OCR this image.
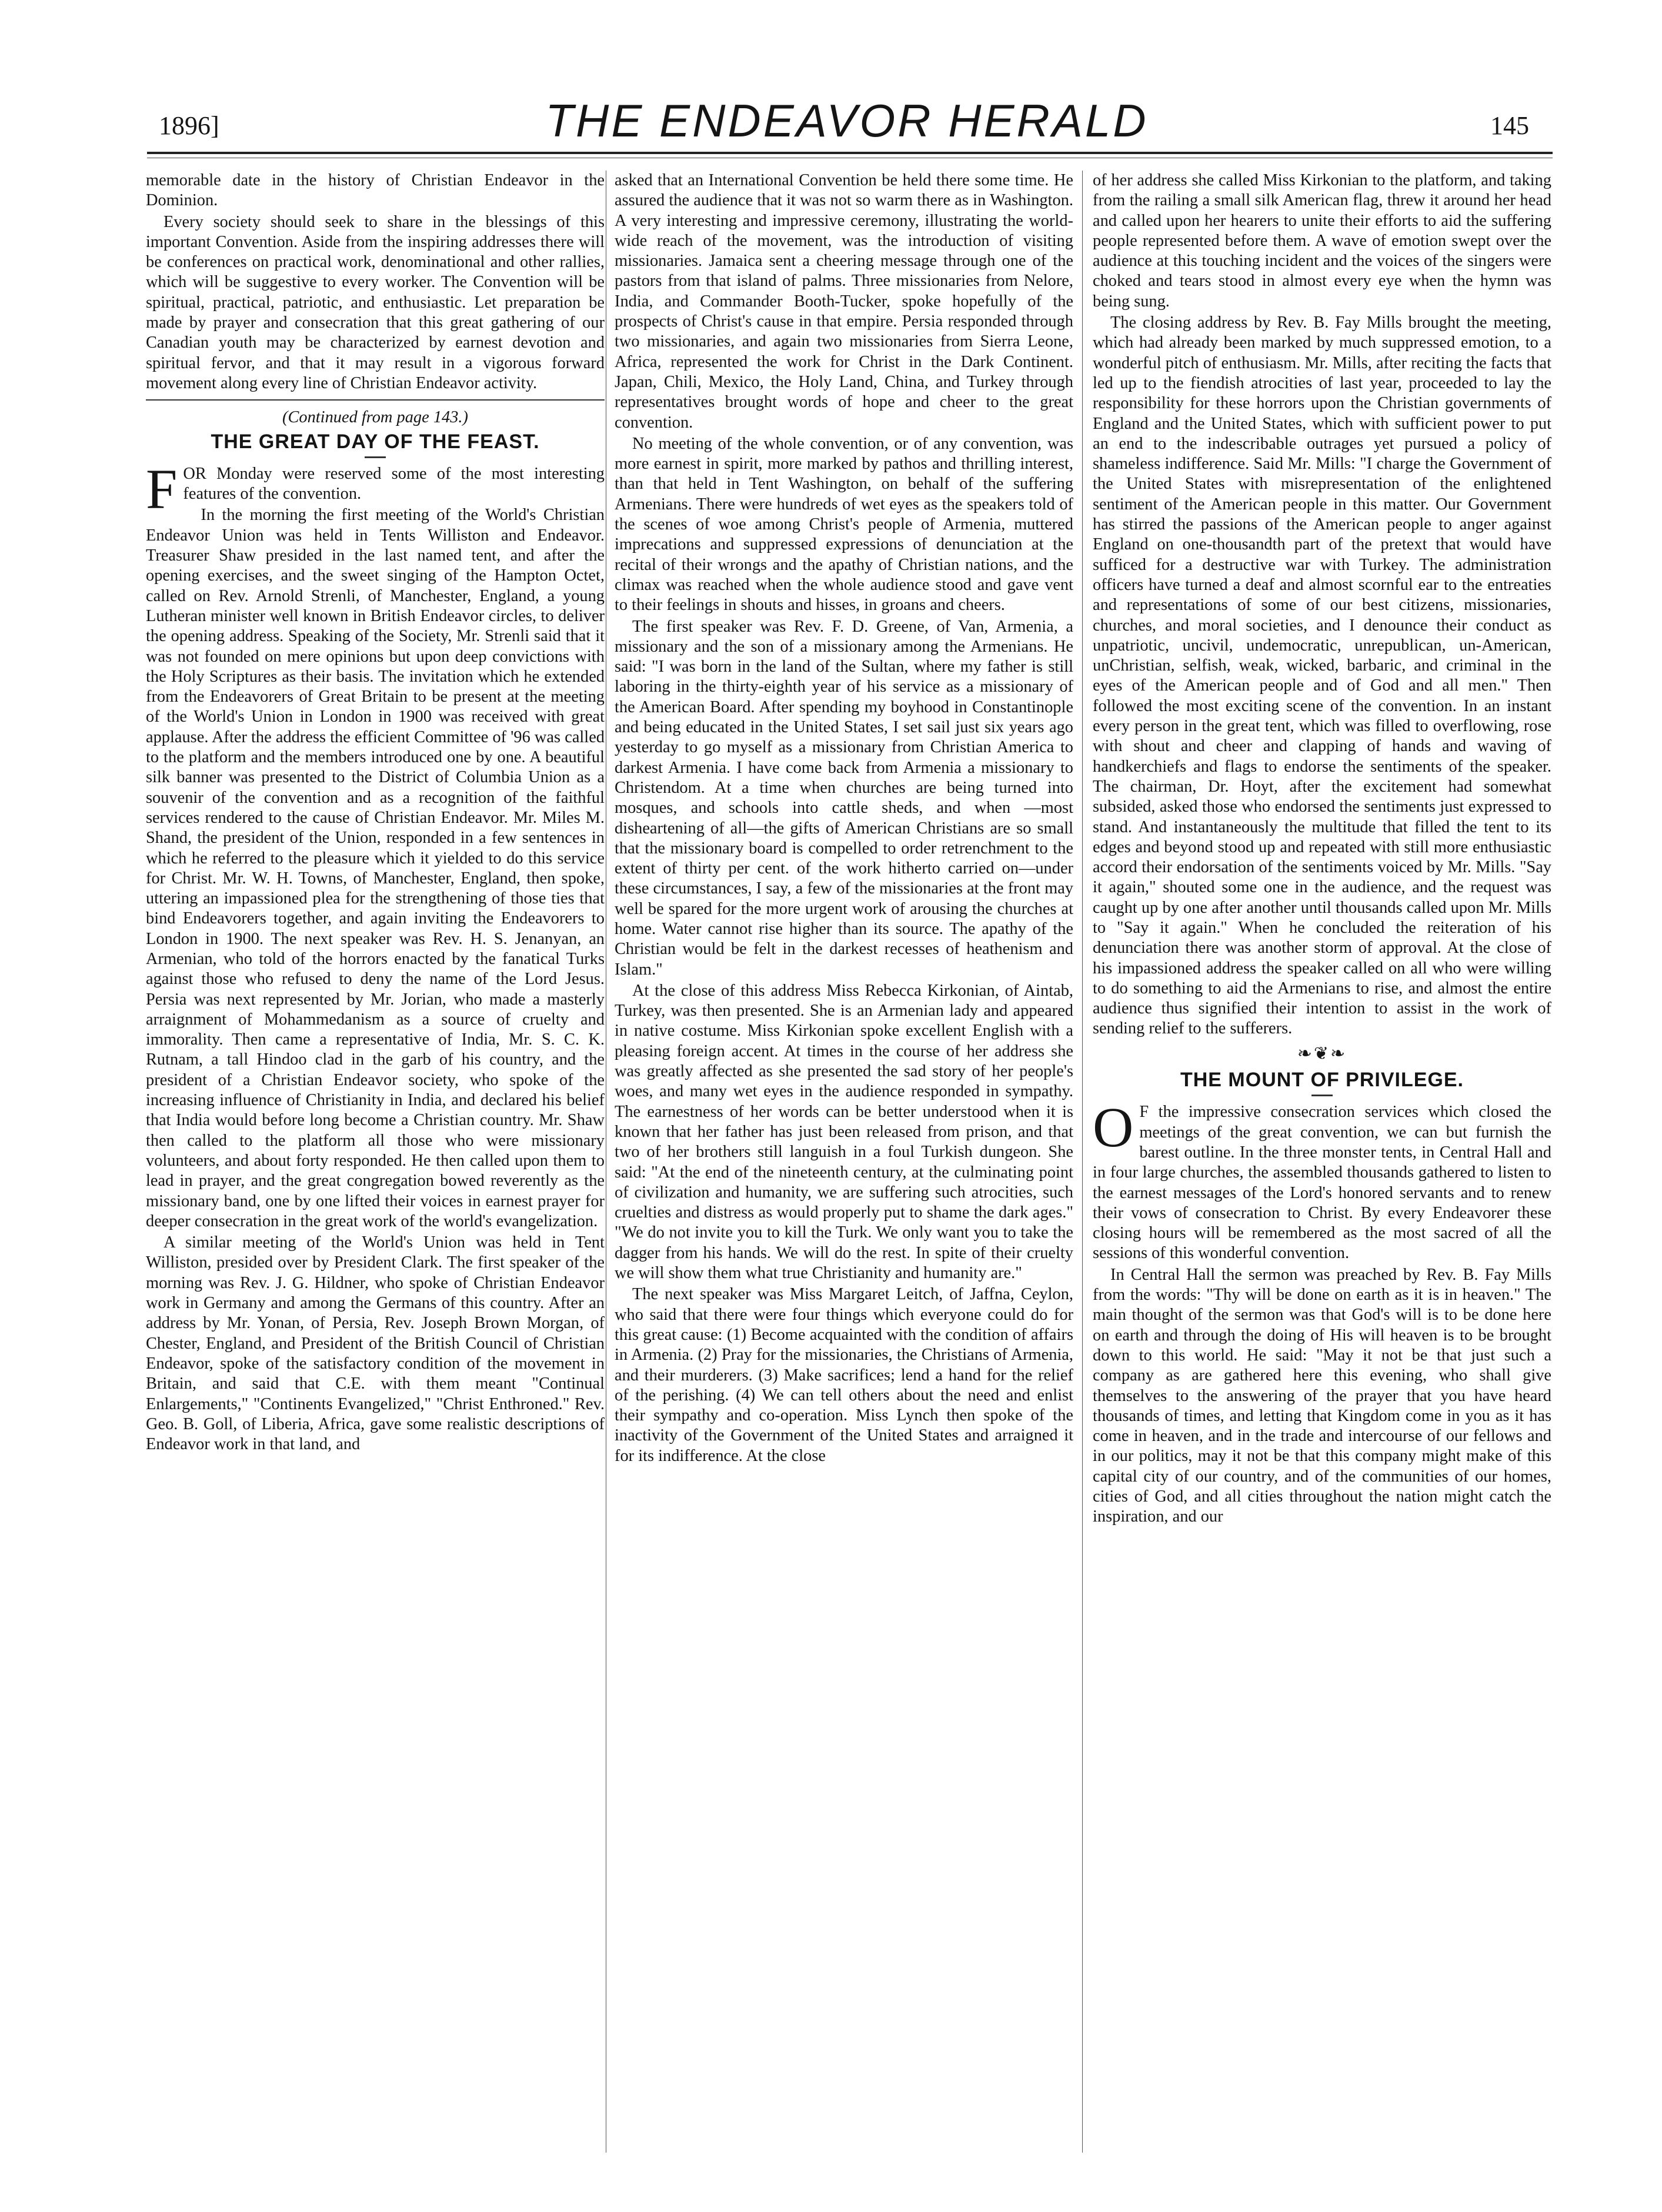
1896]	THE ENDEAVOR HERALD	145

memorable date in the history of Christian Endeavor in the Dominion.

Every society should seek to share in the blessings of this important Convention. Aside from the inspiring addresses there will be conferences on practical work, denominational and other rallies, which will be suggestive to every worker. The Convention will be spiritual, practical, patriotic, and enthusiastic. Let preparation be made by prayer and consecration that this great gathering of our Canadian youth may be characterized by earnest devotion and spiritual fervor, and that it may result in a vigorous forward movement along every line of Christian Endeavor activity.

(Continued from page 143.)
THE GREAT DAY OF THE FEAST.

FOR Monday were reserved some of the most interesting features of the convention.

In the morning the first meeting of the World's Christian Endeavor Union was held in Tents Williston and Endeavor. Treasurer Shaw presided in the last named tent, and after the opening exercises, and the sweet singing of the Hampton Octet, called on Rev. Arnold Strenli, of Manchester, England, a young Lutheran minister well known in British Endeavor circles, to deliver the opening address. Speaking of the Society, Mr. Strenli said that it was not founded on mere opinions but upon deep convictions with the Holy Scriptures as their basis. The invitation which he extended from the Endeavorers of Great Britain to be present at the meeting of the World's Union in London in 1900 was received with great applause. After the address the efficient Committee of '96 was called to the platform and the members introduced one by one. A beautiful silk banner was presented to the District of Columbia Union as a souvenir of the convention and as a recognition of the faithful services rendered to the cause of Christian Endeavor. Mr. Miles M. Shand, the president of the Union, responded in a few sentences in which he referred to the pleasure which it yielded to do this service for Christ. Mr. W. H. Towns, of Manchester, England, then spoke, uttering an impassioned plea for the strengthening of those ties that bind Endeavorers together, and again inviting the Endeavorers to London in 1900. The next speaker was Rev. H. S. Jenanyan, an Armenian, who told of the horrors enacted by the fanatical Turks against those who refused to deny the name of the Lord Jesus. Persia was next represented by Mr. Jorian, who made a masterly arraignment of Mohammedanism as a source of cruelty and immorality. Then came a representative of India, Mr. S. C. K. Rutnam, a tall Hindoo clad in the garb of his country, and the president of a Christian Endeavor society, who spoke of the increasing influence of Christianity in India, and declared his belief that India would before long become a Christian country. Mr. Shaw then called to the platform all those who were missionary volunteers, and about forty responded. He then called upon them to lead in prayer, and the great congregation bowed reverently as the missionary band, one by one lifted their voices in earnest prayer for deeper consecration in the great work of the world's evangelization.

A similar meeting of the World's Union was held in Tent Williston, presided over by President Clark. The first speaker of the morning was Rev. J. G. Hildner, who spoke of Christian Endeavor work in Germany and among the Germans of this country. After an address by Mr. Yonan, of Persia, Rev. Joseph Brown Morgan, of Chester, England, and President of the British Council of Christian Endeavor, spoke of the satisfactory condition of the movement in Britain, and said that C.E. with them meant "Continual Enlargements," "Continents Evangelized," "Christ Enthroned." Rev. Geo. B. Goll, of Liberia, Africa, gave some realistic descriptions of Endeavor work in that land, and

asked that an International Convention be held there some time. He assured the audience that it was not so warm there as in Washington. A very interesting and impressive ceremony, illustrating the world-wide reach of the movement, was the introduction of visiting missionaries. Jamaica sent a cheering message through one of the pastors from that island of palms. Three missionaries from Nelore, India, and Commander Booth-Tucker, spoke hopefully of the prospects of Christ's cause in that empire. Persia responded through two missionaries, and again two missionaries from Sierra Leone, Africa, represented the work for Christ in the Dark Continent. Japan, Chili, Mexico, the Holy Land, China, and Turkey through representatives brought words of hope and cheer to the great convention.

No meeting of the whole convention, or of any convention, was more earnest in spirit, more marked by pathos and thrilling interest, than that held in Tent Washington, on behalf of the suffering Armenians. There were hundreds of wet eyes as the speakers told of the scenes of woe among Christ's people of Armenia, muttered imprecations and suppressed expressions of denunciation at the recital of their wrongs and the apathy of Christian nations, and the climax was reached when the whole audience stood and gave vent to their feelings in shouts and hisses, in groans and cheers.

The first speaker was Rev. F. D. Greene, of Van, Armenia, a missionary and the son of a missionary among the Armenians. He said: "I was born in the land of the Sultan, where my father is still laboring in the thirty-eighth year of his service as a missionary of the American Board. After spending my boyhood in Constantinople and being educated in the United States, I set sail just six years ago yesterday to go myself as a missionary from Christian America to darkest Armenia. I have come back from Armenia a missionary to Christendom. At a time when churches are being turned into mosques, and schools into cattle sheds, and when —most disheartening of all—the gifts of American Christians are so small that the missionary board is compelled to order retrenchment to the extent of thirty per cent. of the work hitherto carried on—under these circumstances, I say, a few of the missionaries at the front may well be spared for the more urgent work of arousing the churches at home. Water cannot rise higher than its source. The apathy of the Christian would be felt in the darkest recesses of heathenism and Islam."

At the close of this address Miss Rebecca Kirkonian, of Aintab, Turkey, was then presented. She is an Armenian lady and appeared in native costume. Miss Kirkonian spoke excellent English with a pleasing foreign accent. At times in the course of her address she was greatly affected as she presented the sad story of her people's woes, and many wet eyes in the audience responded in sympathy. The earnestness of her words can be better understood when it is known that her father has just been released from prison, and that two of her brothers still languish in a foul Turkish dungeon. She said: "At the end of the nineteenth century, at the culminating point of civilization and humanity, we are suffering such atrocities, such cruelties and distress as would properly put to shame the dark ages." "We do not invite you to kill the Turk. We only want you to take the dagger from his hands. We will do the rest. In spite of their cruelty we will show them what true Christianity and humanity are."

The next speaker was Miss Margaret Leitch, of Jaffna, Ceylon, who said that there were four things which everyone could do for this great cause: (1) Become acquainted with the condition of affairs in Armenia. (2) Pray for the missionaries, the Christians of Armenia, and their murderers. (3) Make sacrifices; lend a hand for the relief of the perishing. (4) We can tell others about the need and enlist their sympathy and co-operation. Miss Lynch then spoke of the inactivity of the Government of the United States and arraigned it for its indifference. At the close

of her address she called Miss Kirkonian to the platform, and taking from the railing a small silk American flag, threw it around her head and called upon her hearers to unite their efforts to aid the suffering people represented before them. A wave of emotion swept over the audience at this touching incident and the voices of the singers were choked and tears stood in almost every eye when the hymn was being sung.

The closing address by Rev. B. Fay Mills brought the meeting, which had already been marked by much suppressed emotion, to a wonderful pitch of enthusiasm. Mr. Mills, after reciting the facts that led up to the fiendish atrocities of last year, proceeded to lay the responsibility for these horrors upon the Christian governments of England and the United States, which with sufficient power to put an end to the indescribable outrages yet pursued a policy of shameless indifference. Said Mr. Mills: "I charge the Government of the United States with misrepresentation of the enlightened sentiment of the American people in this matter. Our Government has stirred the passions of the American people to anger against England on one-thousandth part of the pretext that would have sufficed for a destructive war with Turkey. The administration officers have turned a deaf and almost scornful ear to the entreaties and representations of some of our best citizens, missionaries, churches, and moral societies, and I denounce their conduct as unpatriotic, uncivil, undemocratic, unrepublican, un-American, unChristian, selfish, weak, wicked, barbaric, and criminal in the eyes of the American people and of God and all men." Then followed the most exciting scene of the convention. In an instant every person in the great tent, which was filled to overflowing, rose with shout and cheer and clapping of hands and waving of handkerchiefs and flags to endorse the sentiments of the speaker. The chairman, Dr. Hoyt, after the excitement had somewhat subsided, asked those who endorsed the sentiments just expressed to stand. And instantaneously the multitude that filled the tent to its edges and beyond stood up and repeated with still more enthusiastic accord their endorsation of the sentiments voiced by Mr. Mills. "Say it again," shouted some one in the audience, and the request was caught up by one after another until thousands called upon Mr. Mills to "Say it again." When he concluded the reiteration of his denunciation there was another storm of approval. At the close of his impassioned address the speaker called on all who were willing to do something to aid the Armenians to rise, and almost the entire audience thus signified their intention to assist in the work of sending relief to the sufferers.

❧❦❧
THE MOUNT OF PRIVILEGE.

O F the impressive consecration services which closed the meetings of the great convention, we can but furnish the barest outline. In the three monster tents, in Central Hall and in four large churches, the assembled thousands gathered to listen to the earnest messages of the Lord's honored servants and to renew their vows of consecration to Christ. By every Endeavorer these closing hours will be remembered as the most sacred of all the sessions of this wonderful convention.

In Central Hall the sermon was preached by Rev. B. Fay Mills from the words: "Thy will be done on earth as it is in heaven." The main thought of the sermon was that God's will is to be done here on earth and through the doing of His will heaven is to be brought down to this world. He said: "May it not be that just such a company as are gathered here this evening, who shall give themselves to the answering of the prayer that you have heard thousands of times, and letting that Kingdom come in you as it has come in heaven, and in the trade and intercourse of our fellows and in our politics, may it not be that this company might make of this capital city of our country, and of the communities of our homes, cities of God, and all cities throughout the nation might catch the inspiration, and our
